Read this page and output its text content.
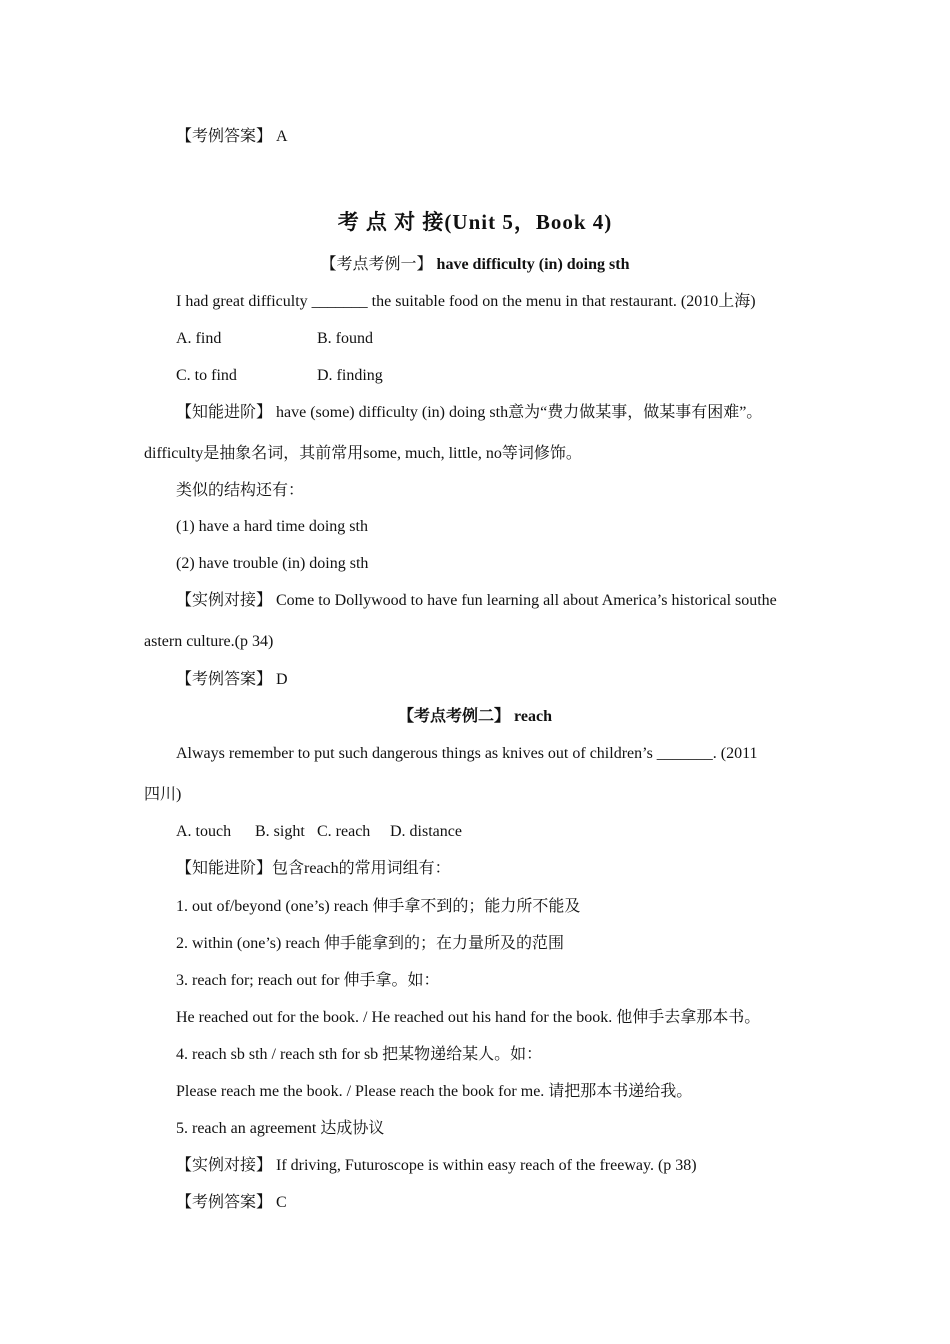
【考例答案】 A
考 点 对 接(Unit 5，Book 4)
【考点考例一】 have difficulty (in) doing sth
I had great difficulty _______ the suitable food on the menu in that restaurant. (2010上海)
A. find	B. found
C. to find	D. finding
【知能进阶】 have (some) difficulty (in) doing sth意为“费力做某事，做某事有困难”。
difficulty是抽象名词，其前常用some, much, little, no等词修饰。
类似的结构还有：
(1) have a hard time doing sth
(2) have trouble (in) doing sth
【实例对接】 Come to Dollywood to have fun learning all about America’s historical southe
astern culture.(p 34)
【考例答案】 D
【考点考例二】 reach
Always remember to put such dangerous things as knives out of children’s _______. (2011
四川)
A. touch B. sight C. reach D. distance
【知能进阶】包含reach的常用词组有：
1. out of/beyond (one’s) reach 伸手拿不到的；能力所不能及
2. within (one’s) reach 伸手能拿到的；在力量所及的范围
3. reach for; reach out for 伸手拿。如：
He reached out for the book. / He reached out his hand for the book. 他伸手去拿那本书。
4. reach sb sth / reach sth for sb 把某物递给某人。如：
Please reach me the book. / Please reach the book for me. 请把那本书递给我。
5. reach an agreement 达成协议
【实例对接】 If driving, Futuroscope is within easy reach of the freeway. (p 38)
【考例答案】 C
